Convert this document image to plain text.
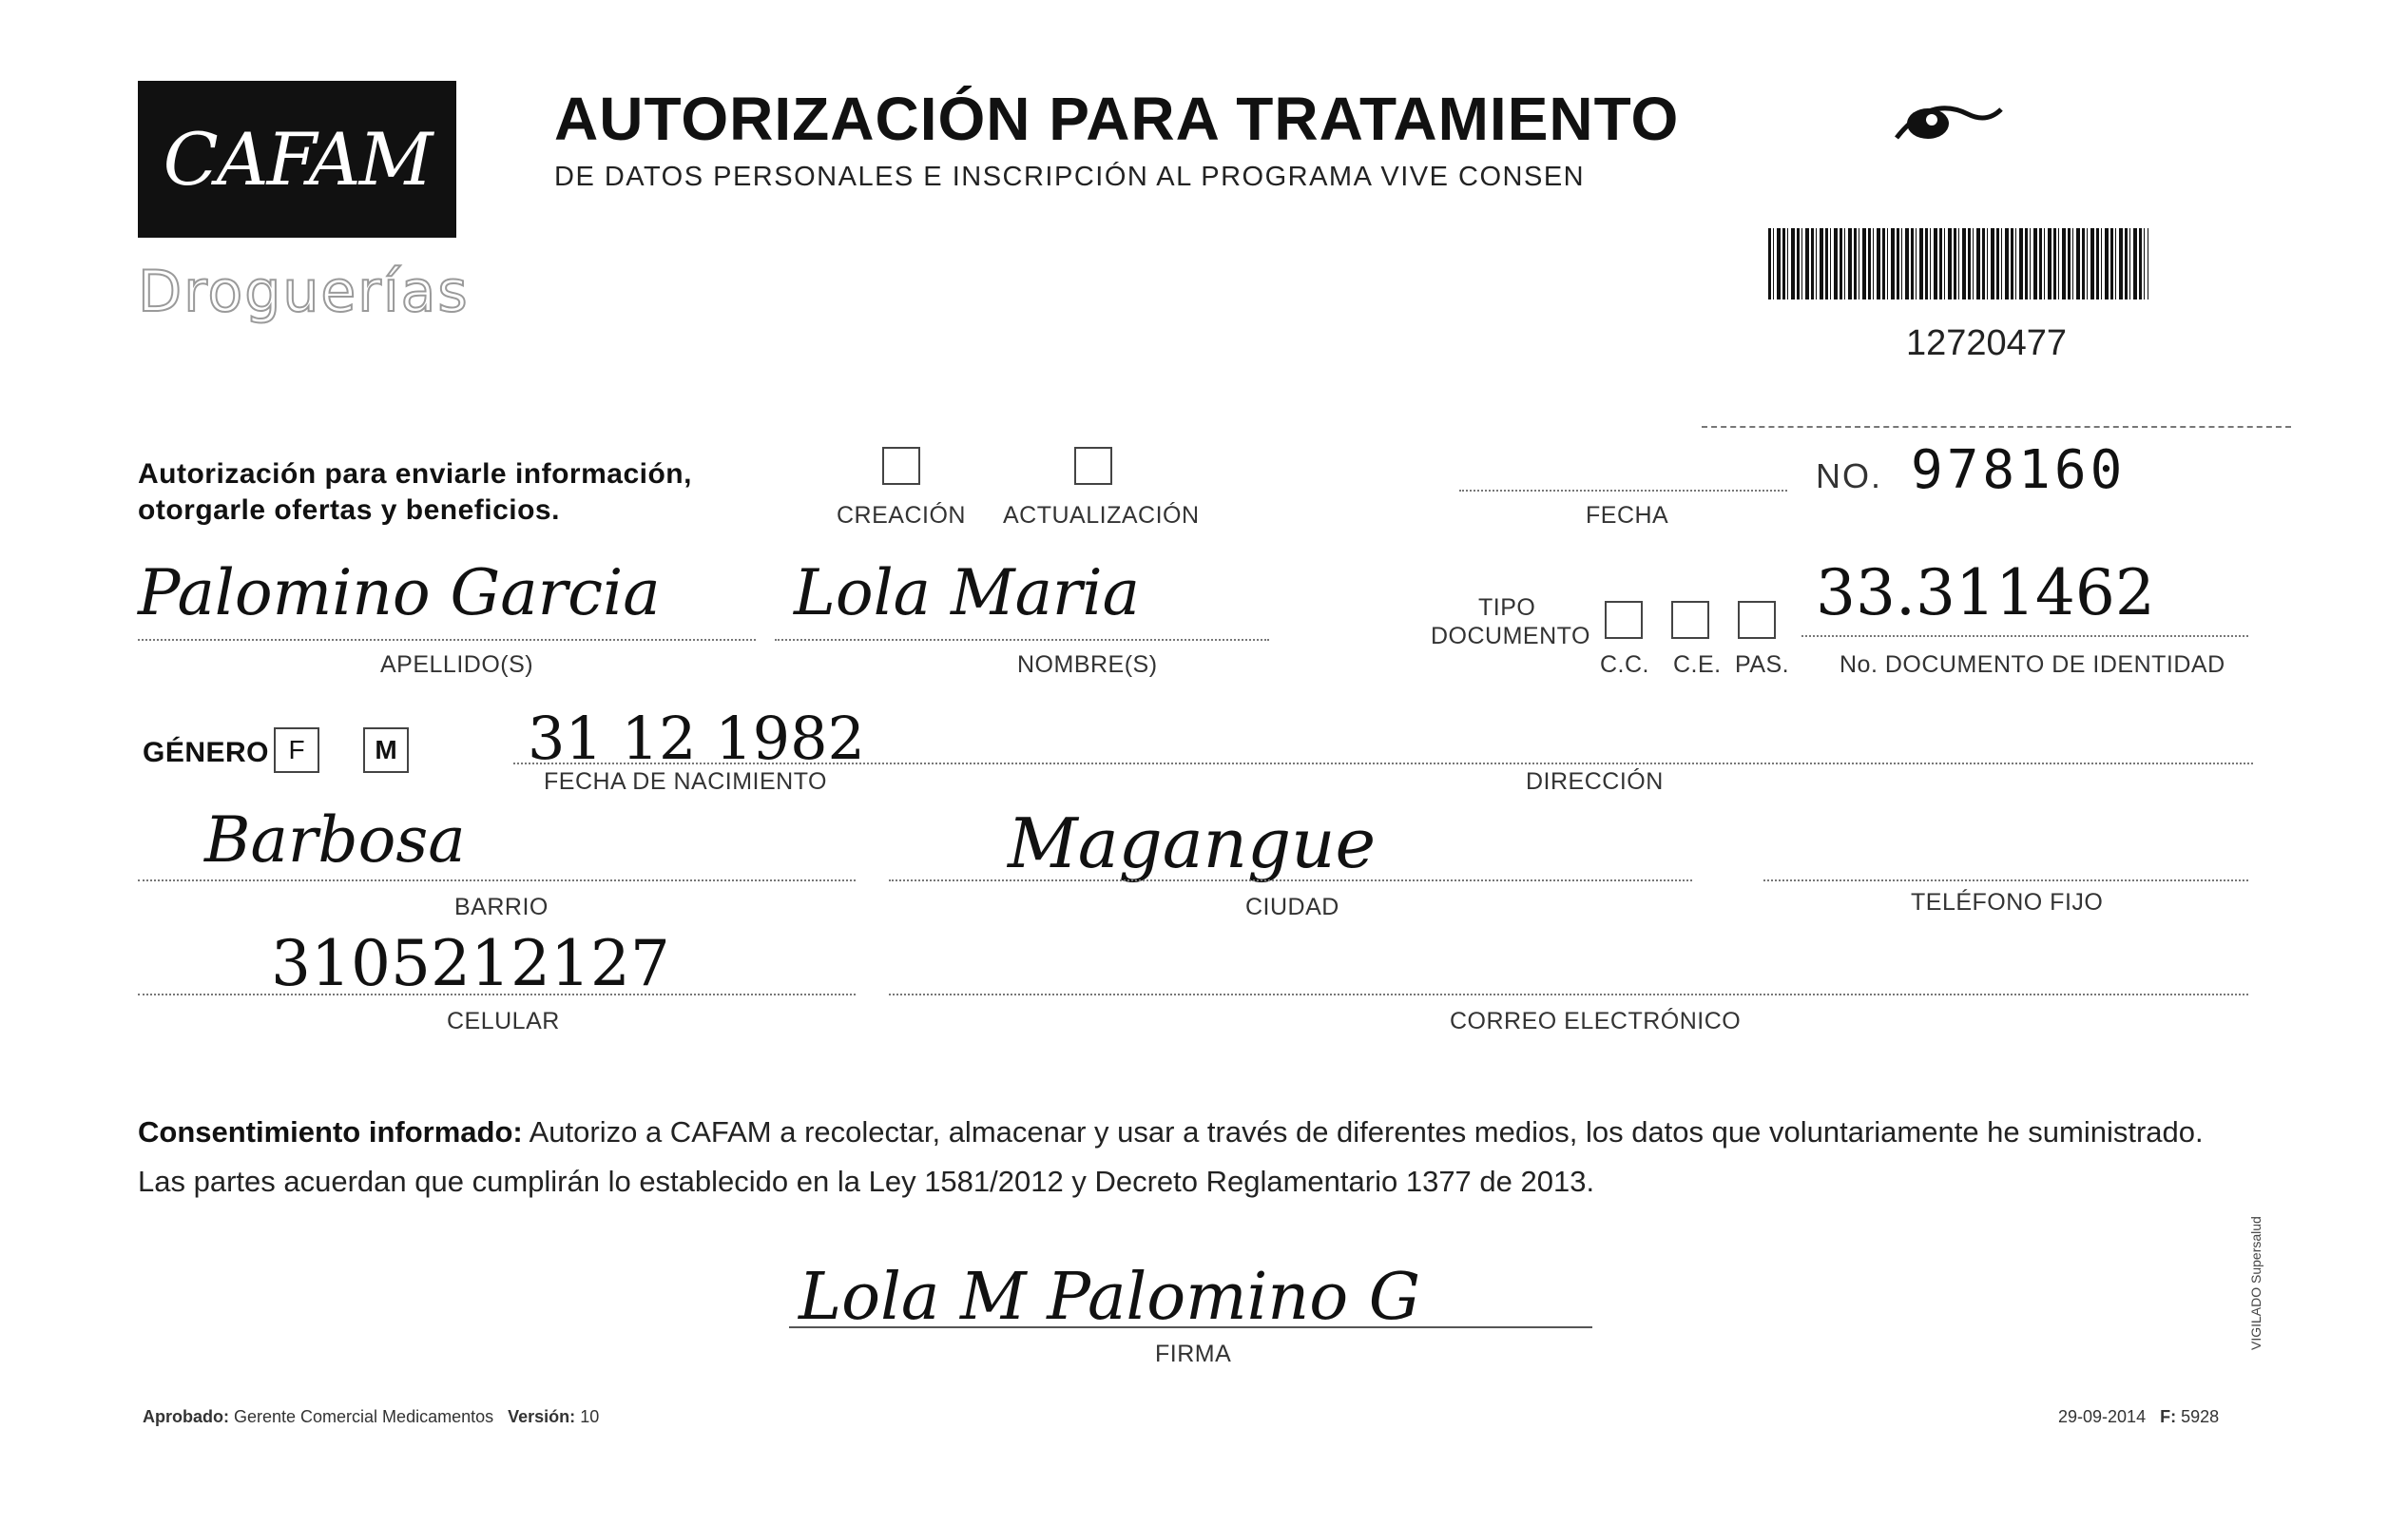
CAFAM
Droguerías
AUTORIZACIÓN PARA TRATAMIENTO
DE DATOS PERSONALES E INSCRIPCIÓN AL PROGRAMA VIVE CONSEN
12720477
Autorización para enviarle información,
otorgarle ofertas y beneficios.	CREACIÓN ACTUALIZACIÓN	FECHA
NO. 978160
Palomino Garcia
APELLIDO(S)
Lola Maria
NOMBRE(S)
TIPO
DOCUMENTO
C.C. C.E. PAS.
33.311462
No. DOCUMENTO DE IDENTIDAD
GÉNERO F	M 31 12 1982
FECHA DE NACIMIENTO	DIRECCIÓN
Barbosa
BARRIO
Magangue
CIUDAD	TELÉFONO FIJO
3105212127
CELULAR	CORREO ELECTRÓNICO
Consentimiento informado: Autorizo a CAFAM a recolectar, almacenar y usar a través de diferentes medios, los datos que voluntariamente he suministrado.
Las partes acuerdan que cumplirán lo establecido en la Ley 1581/2012 y Decreto Reglamentario 1377 de 2013.
Lola M Palomino G
FIRMA
Aprobado: Gerente Comercial Medicamentos Versión: 10	29-09-2014 F: 5928
VIGILADO Supersalud
